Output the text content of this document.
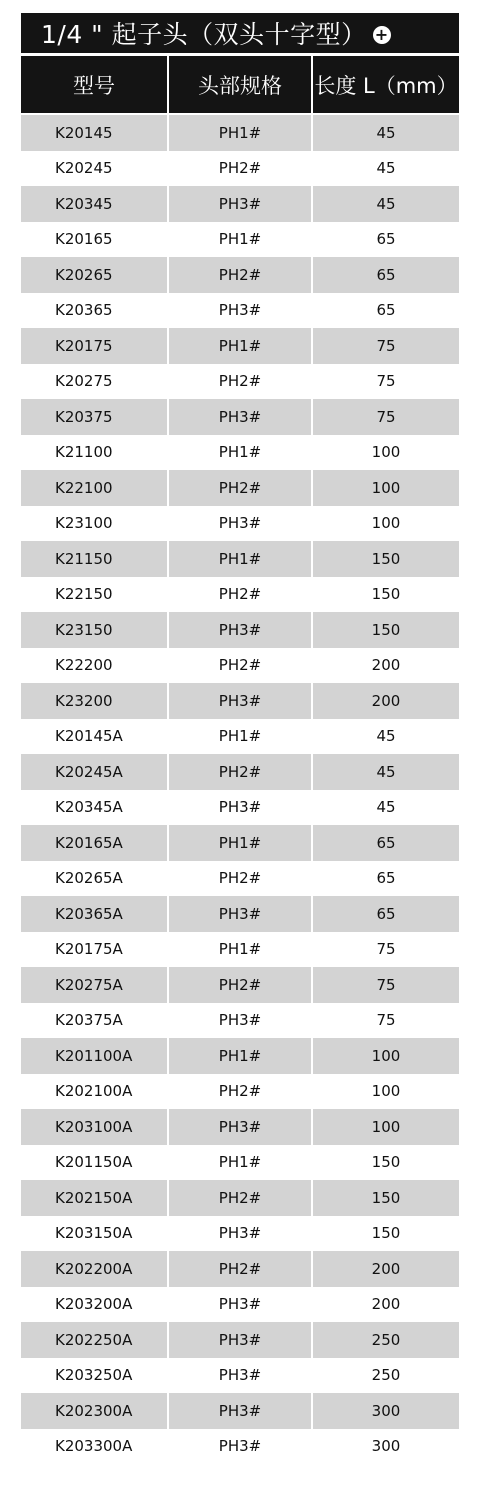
1/4 " 起子头（双头十字型） +
型号	头部规格	长度 L（mm）
K20145	PH1#	45
K20245	PH2#	45
K20345	PH3#	45
K20165	PH1#	65
K20265	PH2#	65
K20365	PH3#	65
K20175	PH1#	75
K20275	PH2#	75
K20375	PH3#	75
K21100	PH1#	100
K22100	PH2#	100
K23100	PH3#	100
K21150	PH1#	150
K22150	PH2#	150
K23150	PH3#	150
K22200	PH2#	200
K23200	PH3#	200
K20145A	PH1#	45
K20245A	PH2#	45
K20345A	PH3#	45
K20165A	PH1#	65
K20265A	PH2#	65
K20365A	PH3#	65
K20175A	PH1#	75
K20275A	PH2#	75
K20375A	PH3#	75
K201100A	PH1#	100
K202100A	PH2#	100
K203100A	PH3#	100
K201150A	PH1#	150
K202150A	PH2#	150
K203150A	PH3#	150
K202200A	PH2#	200
K203200A	PH3#	200
K202250A	PH3#	250
K203250A	PH3#	250
K202300A	PH3#	300
K203300A	PH3#	300
